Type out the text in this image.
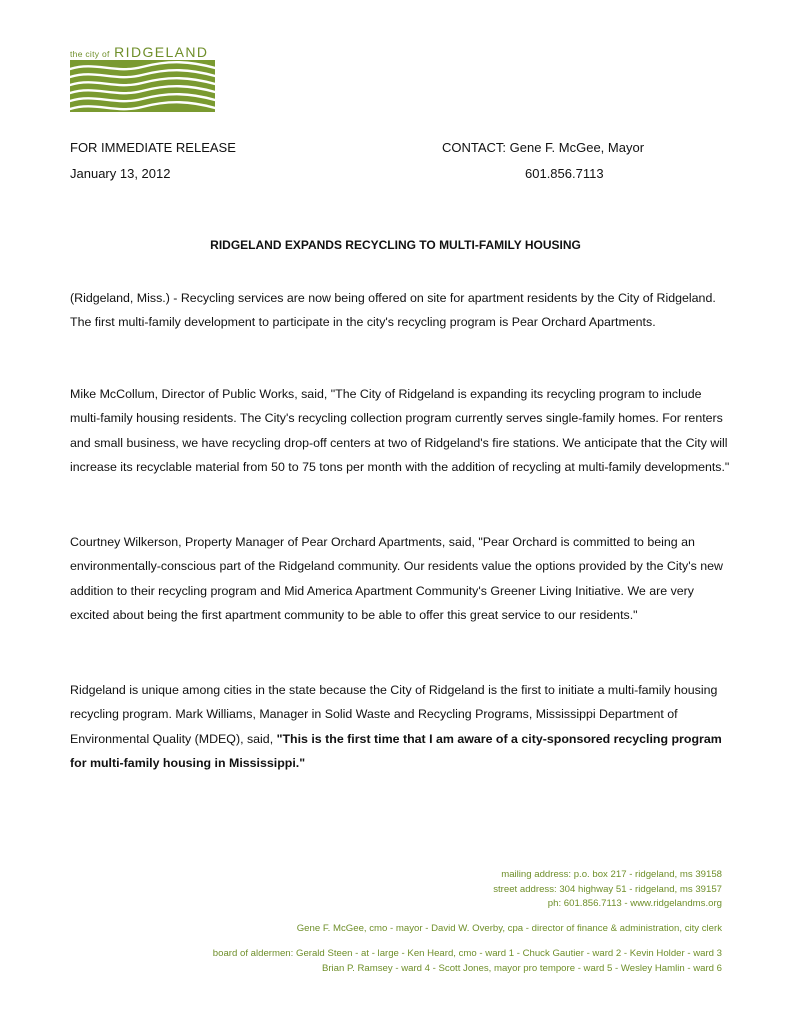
the city of RIDGELAND
FOR IMMEDIATE RELEASE
January 13, 2012
CONTACT: Gene F. McGee, Mayor
601.856.7113
RIDGELAND EXPANDS RECYCLING TO MULTI-FAMILY HOUSING

(Ridgeland, Miss.) - Recycling services are now being offered on site for apartment residents by the City of Ridgeland. The first multi-family development to participate in the city's recycling program is Pear Orchard Apartments.

Mike McCollum, Director of Public Works, said, "The City of Ridgeland is expanding its recycling program to include multi-family housing residents. The City's recycling collection program currently serves single-family homes. For renters and small business, we have recycling drop-off centers at two of Ridgeland's fire stations. We anticipate that the City will increase its recyclable material from 50 to 75 tons per month with the addition of recycling at multi-family developments."

Courtney Wilkerson, Property Manager of Pear Orchard Apartments, said, "Pear Orchard is committed to being an environmentally-conscious part of the Ridgeland community. Our residents value the options provided by the City's new addition to their recycling program and Mid America Apartment Community's Greener Living Initiative. We are very excited about being the first apartment community to be able to offer this great service to our residents."

Ridgeland is unique among cities in the state because the City of Ridgeland is the first to initiate a multi-family housing recycling program. Mark Williams, Manager in Solid Waste and Recycling Programs, Mississippi Department of Environmental Quality (MDEQ), said, "This is the first time that I am aware of a city-sponsored recycling program for multi-family housing in Mississippi."

mailing address: p.o. box 217 - ridgeland, ms 39158
street address: 304 highway 51 - ridgeland, ms 39157
ph: 601.856.7113 - www.ridgelandms.org
Gene F. McGee, cmo - mayor - David W. Overby, cpa - director of finance & administration, city clerk
board of aldermen: Gerald Steen - at - large - Ken Heard, cmo - ward 1 - Chuck Gautier - ward 2 - Kevin Holder - ward 3
Brian P. Ramsey - ward 4 - Scott Jones, mayor pro tempore - ward 5 - Wesley Hamlin - ward 6
